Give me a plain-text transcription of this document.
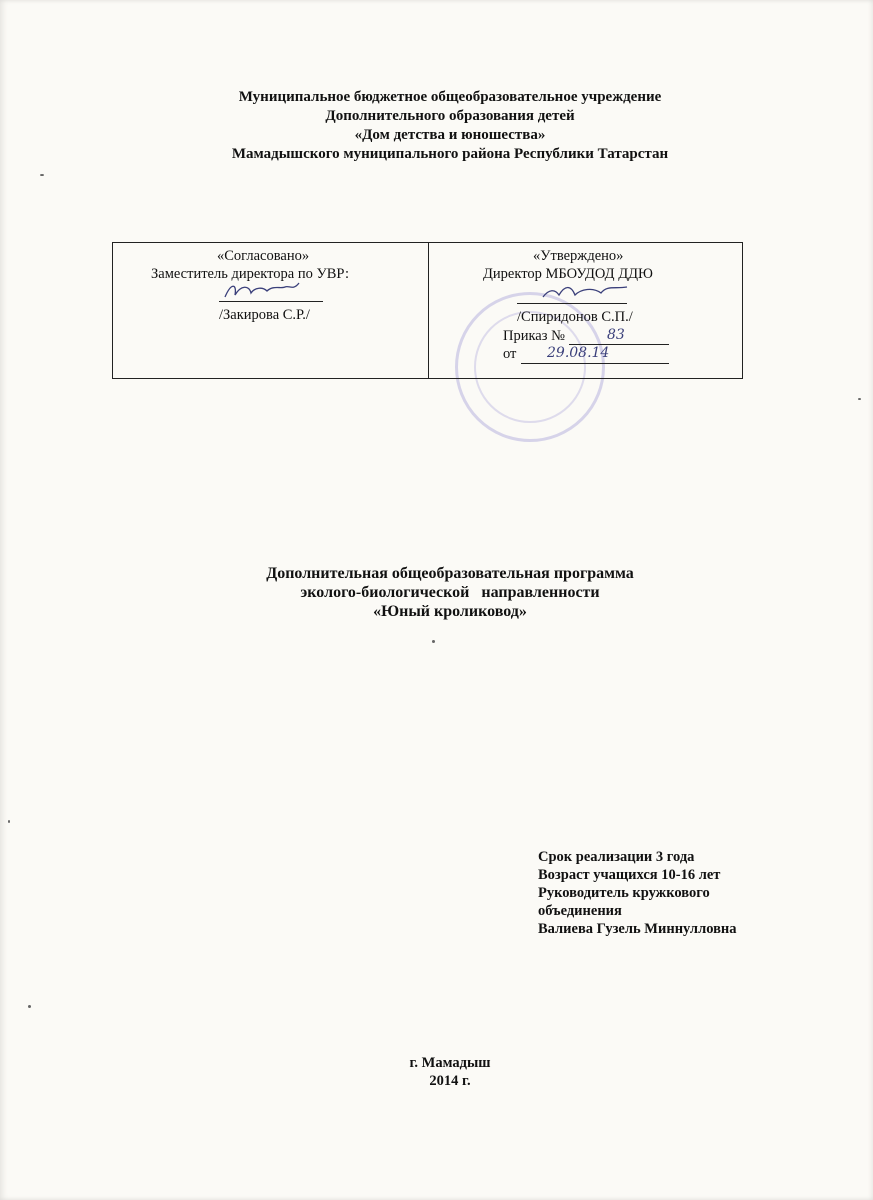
Муниципальное бюджетное общеобразовательное учреждение
Дополнительного образования детей
«Дом детства и юношества»
Мамадышского муниципального района Республики Татарстан
«Согласовано»
Заместитель директора по УВР:
/Закирова С.Р./
«Утверждено»
Директор МБОУДОД ДДЮ
/Спиридонов С.П./
Приказ №	83
от 29.08.14
Дополнительная общеобразовательная программа
эколого-биологической   направленности
«Юный кроликовод»
Срок реализации 3 года
Возраст учащихся 10-16 лет
Руководитель кружкового
объединения
Валиева Гузель Миннулловна
г. Мамадыш
2014 г.
